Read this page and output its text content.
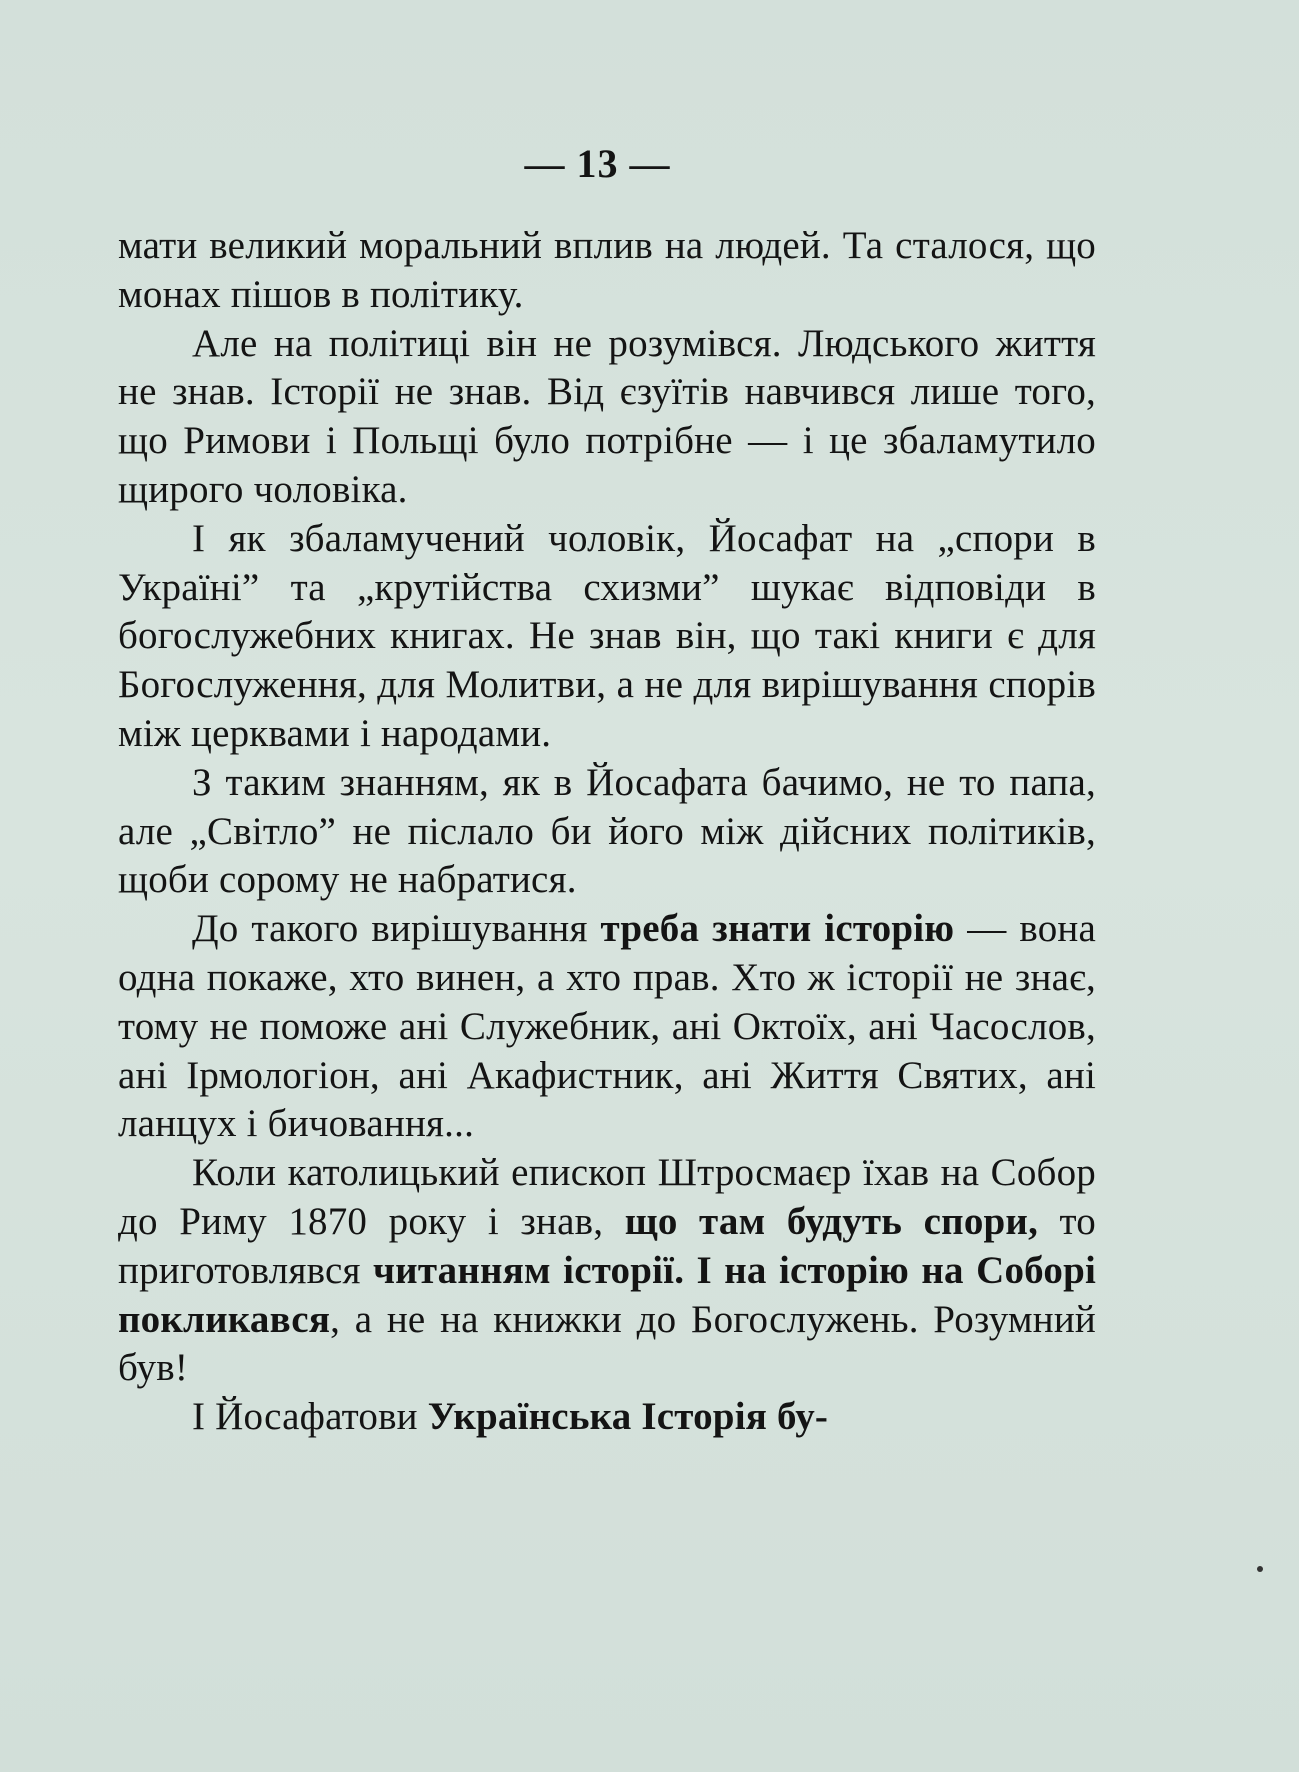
— 13 —

мати великий моральний вплив на людей. Та сталося, що монах пішов в політику.

Але на політиці він не розумівся. Людського життя не знав. Історії не знав. Від єзуїтів навчився лише того, що Римови і Польщі було потрібне — і це збаламутило щирого чоловіка.

І як збаламучений чоловік, Йосафат на „спори в Україні” та „крутійства схизми” шукає відповіди в богослужебних книгах. Не знав він, що такі книги є для Богослуження, для Молитви, а не для вирішування спорів між церквами і народами.

З таким знанням, як в Йосафата бачимо, не то папа, але „Світло” не післало би його між дійсних політиків, щоби сорому не набратися.

До такого вирішування треба знати історію — вона одна покаже, хто винен, а хто прав. Хто ж історії не знає, тому не поможе ані Служебник, ані Октоїх, ані Часослов, ані Ірмологіон, ані Акафистник, ані Життя Святих, ані ланцух і бичовання...

Коли католицький епископ Штросмаєр їхав на Собор до Риму 1870 року і знав, що там будуть спори, то приготовлявся читанням історії. І на історію на Соборі покликався, а не на книжки до Богослужень. Розумний був!

І Йосафатови Українська Історія бу-
